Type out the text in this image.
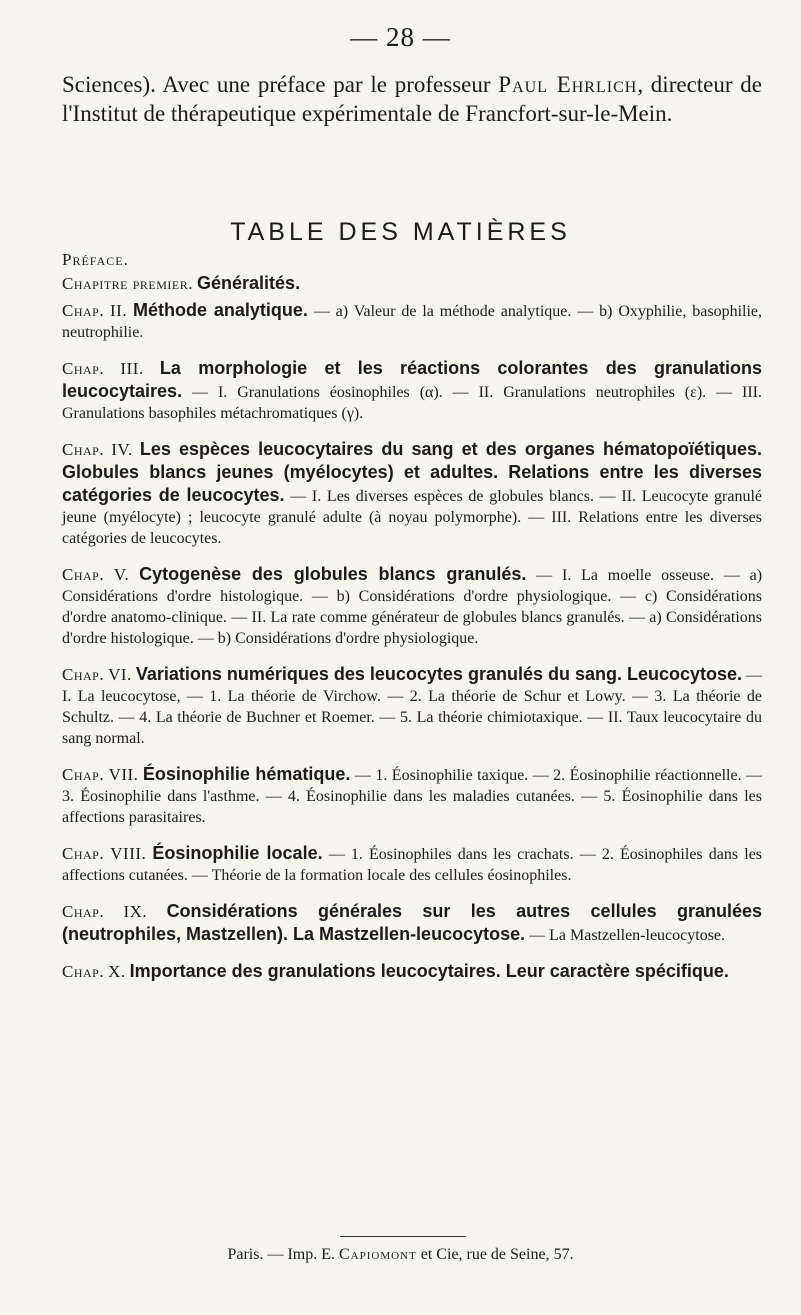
— 28 —
Sciences). Avec une préface par le professeur Paul Ehrlich, directeur de l'Institut de thérapeutique expérimentale de Francfort-sur-le-Mein.
TABLE DES MATIÈRES
Préface.
Chapitre premier. Généralités.
Chap. II. Méthode analytique. — a) Valeur de la méthode analytique. — b) Oxyphilie, basophilie, neutrophilie.
Chap. III. La morphologie et les réactions colorantes des granulations leucocytaires. — I. Granulations éosinophiles (α). — II. Granulations neutrophiles (ε). — III. Granulations basophiles métachromatiques (γ).
Chap. IV. Les espèces leucocytaires du sang et des organes hématopoïétiques. Globules blancs jeunes (myélocytes) et adultes. Relations entre les diverses catégories de leucocytes. — I. Les diverses espèces de globules blancs. — II. Leucocyte granulé jeune (myélocyte) ; leucocyte granulé adulte (à noyau polymorphe). — III. Relations entre les diverses catégories de leucocytes.
Chap. V. Cytogenèse des globules blancs granulés. — I. La moelle osseuse. — a) Considérations d'ordre histologique. — b) Considérations d'ordre physiologique. — c) Considérations d'ordre anatomo-clinique. — II. La rate comme générateur de globules blancs granulés. — a) Considérations d'ordre histologique. — b) Considérations d'ordre physiologique.
Chap. VI. Variations numériques des leucocytes granulés du sang. Leucocytose. — I. La leucocytose, — 1. La théorie de Virchow. — 2. La théorie de Schur et Lowy. — 3. La théorie de Schultz. — 4. La théorie de Buchner et Roemer. — 5. La théorie chimiotaxique. — II. Taux leucocytaire du sang normal.
Chap. VII. Éosinophilie hématique. — 1. Éosinophilie taxique. — 2. Éosinophilie réactionnelle. — 3. Éosinophilie dans l'asthme. — 4. Éosinophilie dans les maladies cutanées. — 5. Éosinophilie dans les affections parasitaires.
Chap. VIII. Éosinophilie locale. — 1. Éosinophiles dans les crachats. — 2. Éosinophiles dans les affections cutanées. — Théorie de la formation locale des cellules éosinophiles.
Chap. IX. Considérations générales sur les autres cellules granulées (neutrophiles, Mastzellen). La Mastzellen-leucocytose. — La Mastzellen-leucocytose.
Chap. X. Importance des granulations leucocytaires. Leur caractère spécifique.
Paris. — Imp. E. Capiomont et Cie, rue de Seine, 57.
